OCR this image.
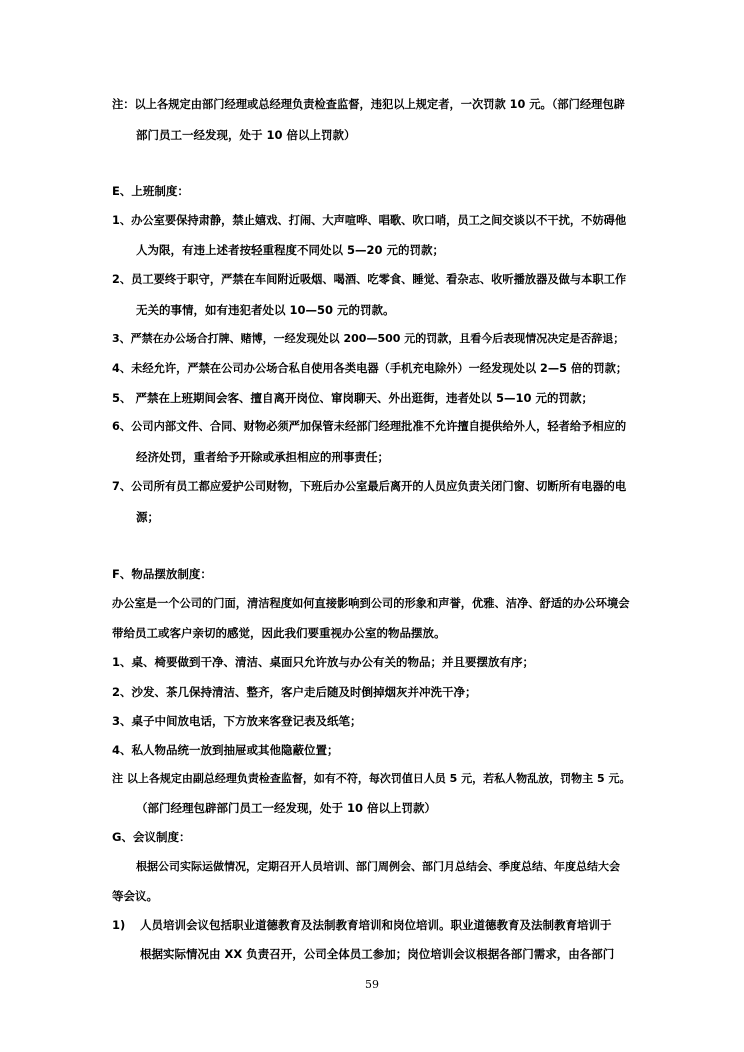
注：以上各规定由部门经理或总经理负责检查监督，违犯以上规定者，一次罚款 10 元。（部门经理包辟
部门员工一经发现，处于 10 倍以上罚款）
E、上班制度：
1、办公室要保持肃静，禁止嬉戏、打闹、大声喧哗、唱歌、吹口哨，员工之间交谈以不干扰，不妨碍他
人为限，有违上述者按轻重程度不同处以 5—20 元的罚款；
2、员工要终于职守，严禁在车间附近吸烟、喝酒、吃零食、睡觉、看杂志、收听播放器及做与本职工作
无关的事情，如有违犯者处以 10—50 元的罚款。
3、严禁在办公场合打牌、赌博，一经发现处以 200—500 元的罚款，且看今后表现情况决定是否辞退；
4、未经允许，严禁在公司办公场合私自使用各类电器（手机充电除外）一经发现处以 2—5 倍的罚款；
5、 严禁在上班期间会客、擅自离开岗位、窜岗聊天、外出逛街，违者处以 5—10 元的罚款；
6、公司内部文件、合同、财物必须严加保管未经部门经理批准不允许擅自提供给外人，轻者给予相应的
经济处罚，重者给予开除或承担相应的刑事责任；
7、公司所有员工都应爱护公司财物，下班后办公室最后离开的人员应负责关闭门窗、切断所有电器的电
源；
F、物品摆放制度：
办公室是一个公司的门面，清洁程度如何直接影响到公司的形象和声誉，优雅、洁净、舒适的办公环境会
带给员工或客户亲切的感觉，因此我们要重视办公室的物品摆放。
1、桌、椅要做到干净、清洁、桌面只允许放与办公有关的物品；并且要摆放有序；
2、沙发、茶几保持清洁、整齐，客户走后随及时倒掉烟灰并冲洗干净；
3、桌子中间放电话，下方放来客登记表及纸笔；
4、私人物品统一放到抽屉或其他隐蔽位置；
注 以上各规定由副总经理负责检查监督，如有不符，每次罚值日人员 5 元，若私人物乱放，罚物主 5 元。
（部门经理包辟部门员工一经发现，处于 10 倍以上罚款）
G、会议制度：
根据公司实际运做情况，定期召开人员培训、部门周例会、部门月总结会、季度总结、年度总结大会
等会议。
1) 人员培训会议包括职业道德教育及法制教育培训和岗位培训。职业道德教育及法制教育培训于
根据实际情况由 XX 负责召开，公司全体员工参加；岗位培训会议根据各部门需求，由各部门
59
